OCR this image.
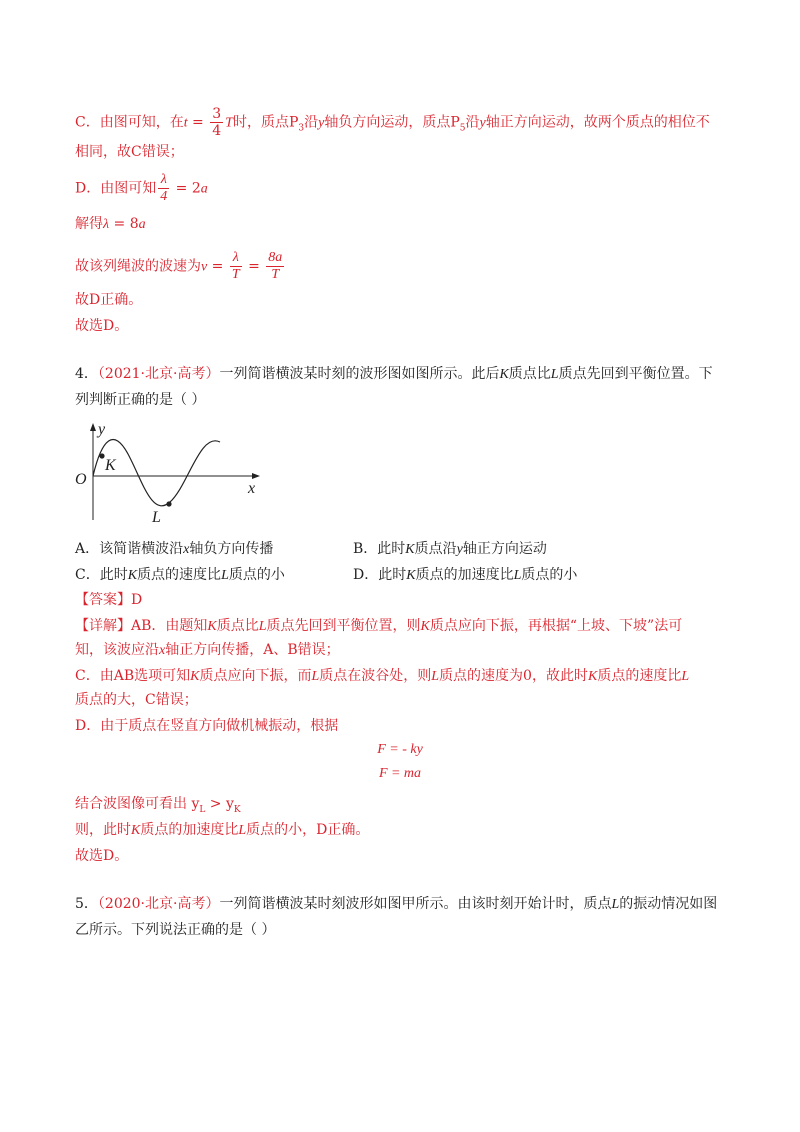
C．由图可知，在$t = \frac{3}{4}$ T时，质点$P_3$沿y轴负方向运动，质点$P_5$沿y轴正方向运动，故两个质点的相位不
相同，故C错误；
D．由图可知 $\frac{\lambda}{4} = 2a$
解得λ = 8a
故该列绳波的波速为$v = \frac{\lambda}{T} = \frac{8a}{T}$
故D正确。
故选D。
4．（2021·北京·高考）一列简谐横波某时刻的波形图如图所示。此后K质点比L质点先回到平衡位置。下
列判断正确的是（ ）
y
x
O
K
L
A．该简谐横波沿x轴负方向传播	B．此时K质点沿y轴正方向运动
C．此时K质点的速度比L质点的小	D．此时K质点的加速度比L质点的小
【答案】D
【详解】AB．由题知K质点比L质点先回到平衡位置，则K质点应向下振，再根据“上坡、下坡”法可
知，该波应沿x轴正方向传播，A、B错误；
C．由AB选项可知K质点应向下振，而L质点在波谷处，则L质点的速度为0，故此时K质点的速度比L
质点的大，C错误；
D．由于质点在竖直方向做机械振动，根据
F = - ky
F = ma
结合波图像可看出 $y_L > y_K$
则，此时K质点的加速度比L质点的小，D正确。
故选D。
5．（2020·北京·高考）一列简谐横波某时刻波形如图甲所示。由该时刻开始计时，质点L的振动情况如图
乙所示。下列说法正确的是（ ）
